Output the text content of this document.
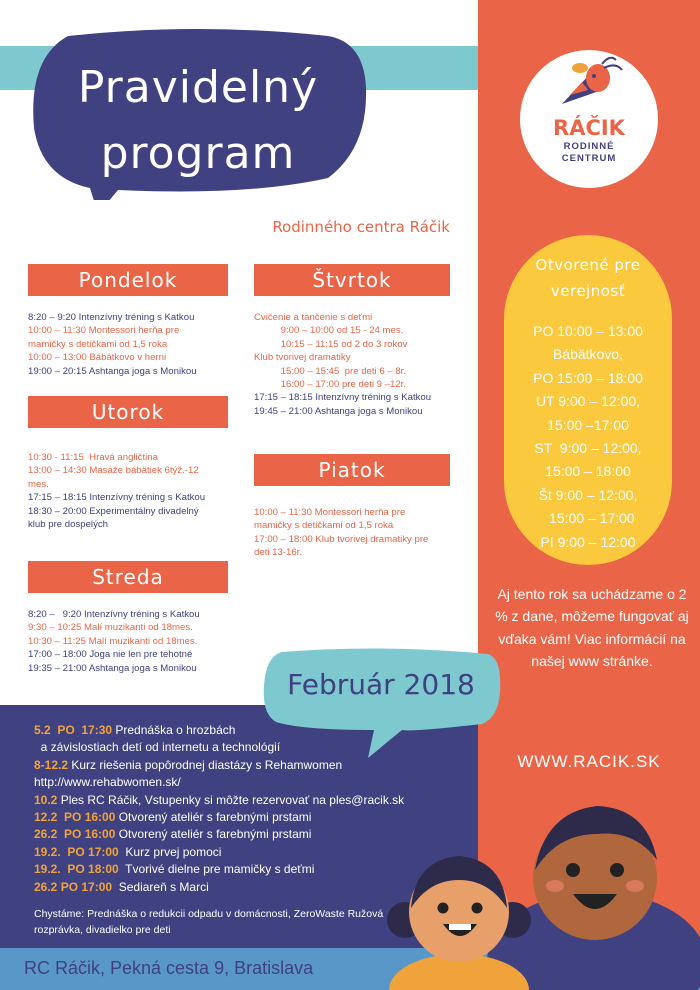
Pravidelný
program
Rodinného centra Ráčik
Pondelok
8:20 – 9:20 Intenzívny tréning s Katkou
10:00 – 11:30 Montessori herňa pre
mamičky s detičkami od 1,5 roka
10:00 – 13:00 Bábätkovo v herni
19:00 – 20:15 Ashtanga joga s Monikou
Utorok
10:30 - 11:15  Hravá angličtina
13:00 – 14:30 Masáže bábätiek 6týž.-12
mes.
17:15 – 18:15 Intenzívny tréning s Katkou
18:30 – 20:00 Experimentálny divadelný
klub pre dospelých
Streda
8:20 –   9:20 Intenzívny tréning s Katkou
9:30 – 10:25 Malí muzikanti od 18mes.
10:30 – 11:25 Malí muzikanti od 18mes.
17:00 – 18:00 Joga nie len pre tehotné
19:35 – 21:00 Ashtanga joga s Monikou
Štvrtok
Cvičenie a tančenie s deťmi
9:00 – 10:00 od 15 - 24 mes.
10:15 – 11:15 od 2 do 3 rokov
Klub tvorivej dramatiky
15:00 – 15:45  pre deti 6 – 8r.
16:00 – 17:00 pre deti 9 –12r.
17:15 – 18:15 Intenzívny tréning s Katkou
19:45 – 21:00 Ashtanga joga s Monikou
Piatok
10:00 – 11:30 Montessori herňa pre
mamičky s detičkami od 1,5 roka
17:00 – 18:00 Klub tvorivej dramatiky pre
deti 13-16r.
RÁČIK
RODINNÉ
CENTRUM
Otvorené pre
verejnosť
PO 10:00 – 13:00
Bábätkovo,
PO 15:00 – 18:00
UT 9:00 – 12:00,
15:00 –17:00
ST  9:00 – 12:00,
15:00 – 18:00
Št 9:00 – 12:00,
15:00 – 17:00
PI 9:00 – 12:00
Aj tento rok sa uchádzame o 2 % z dane, môžeme fungovať aj vďaka vám! Viac informácií na našej www stránke.
WWW.RACIK.SK
Február 2018
5.2  PO  17:30 Prednáška o hrozbách
a závislostiach detí od internetu a technológií
8-12.2 Kurz riešenia popôrodnej diastázy s Rehamwomen
http://www.rehabwomen.sk/
10.2 Ples RC Ráčik, Vstupenky si môžte rezervovať na ples@racik.sk
12.2  PO 16:00 Otvorený ateliér s farebnými prstami
26.2  PO 16:00 Otvorený ateliér s farebnými prstami
19.2.  PO 17:00  Kurz prvej pomoci
19.2.  PO 18:00  Tvorivé dielne pre mamičky s deťmi
26.2 PO 17:00  Sediareň s Marci
Chystáme: Prednáška o redukcii odpadu v domácnosti, ZeroWaste Ružová rozprávka, divadielko pre deti
RC Ráčik, Pekná cesta 9, Bratislava
